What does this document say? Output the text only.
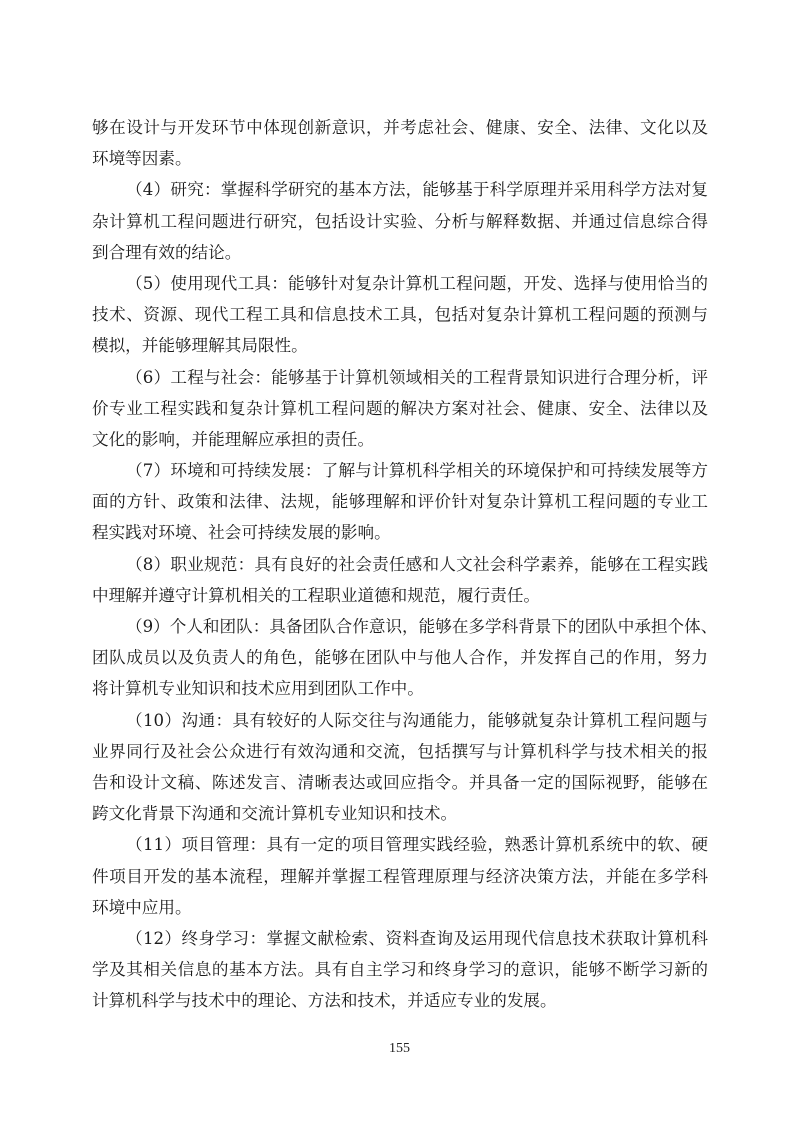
够在设计与开发环节中体现创新意识，并考虑社会、健康、安全、法律、文化以及
环境等因素。
（4）研究：掌握科学研究的基本方法，能够基于科学原理并采用科学方法对复
杂计算机工程问题进行研究，包括设计实验、分析与解释数据、并通过信息综合得
到合理有效的结论。
（5）使用现代工具：能够针对复杂计算机工程问题，开发、选择与使用恰当的
技术、资源、现代工程工具和信息技术工具，包括对复杂计算机工程问题的预测与
模拟，并能够理解其局限性。
（6）工程与社会：能够基于计算机领域相关的工程背景知识进行合理分析，评
价专业工程实践和复杂计算机工程问题的解决方案对社会、健康、安全、法律以及
文化的影响，并能理解应承担的责任。
（7）环境和可持续发展：了解与计算机科学相关的环境保护和可持续发展等方
面的方针、政策和法律、法规，能够理解和评价针对复杂计算机工程问题的专业工
程实践对环境、社会可持续发展的影响。
（8）职业规范：具有良好的社会责任感和人文社会科学素养，能够在工程实践
中理解并遵守计算机相关的工程职业道德和规范，履行责任。
（9）个人和团队：具备团队合作意识，能够在多学科背景下的团队中承担个体、
团队成员以及负责人的角色，能够在团队中与他人合作，并发挥自己的作用，努力
将计算机专业知识和技术应用到团队工作中。
（10）沟通：具有较好的人际交往与沟通能力，能够就复杂计算机工程问题与
业界同行及社会公众进行有效沟通和交流，包括撰写与计算机科学与技术相关的报
告和设计文稿、陈述发言、清晰表达或回应指令。并具备一定的国际视野，能够在
跨文化背景下沟通和交流计算机专业知识和技术。
（11）项目管理：具有一定的项目管理实践经验，熟悉计算机系统中的软、硬
件项目开发的基本流程，理解并掌握工程管理原理与经济决策方法，并能在多学科
环境中应用。
（12）终身学习：掌握文献检索、资料查询及运用现代信息技术获取计算机科
学及其相关信息的基本方法。具有自主学习和终身学习的意识，能够不断学习新的
计算机科学与技术中的理论、方法和技术，并适应专业的发展。
155
